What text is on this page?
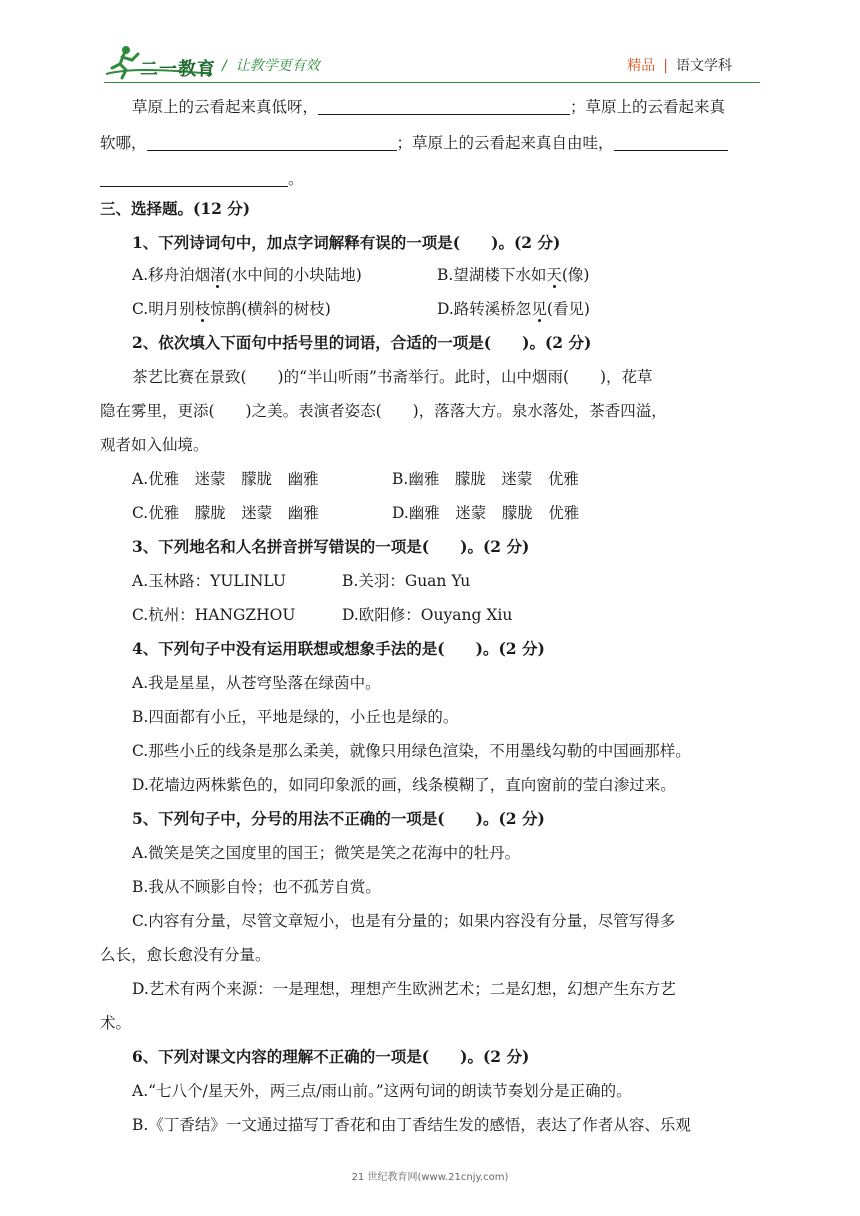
二一教育 / 让教学更有效	精品 | 语文学科
草原上的云看起来真低呀，	；草原上的云看起来真
软哪，	；草原上的云看起来真自由哇，
。
三、选择题。(12 分)
1、下列诗词句中，加点字词解释有误的一项是(　　)。(2 分)
A.移舟泊烟渚(水中间的小块陆地)	B.望湖楼下水如天(像)
C.明月别枝惊鹊(横斜的树枝)	D.路转溪桥忽见(看见)
2、依次填入下面句中括号里的词语，合适的一项是(　　)。(2 分)
茶艺比赛在景致(　　)的“半山听雨”书斋举行。此时，山中烟雨(　　)，花草
隐在雾里，更添(　　)之美。表演者姿态(　　)，落落大方。泉水落处，茶香四溢，
观者如入仙境。
A.优雅　迷蒙　朦胧　幽雅	B.幽雅　朦胧　迷蒙　优雅
C.优雅　朦胧　迷蒙　幽雅	D.幽雅　迷蒙　朦胧　优雅
3、下列地名和人名拼音拼写错误的一项是(　　)。(2 分)
A.玉林路：YULINLU	B.关羽：Guan Yu
C.杭州：HANGZHOU	D.欧阳修：Ouyang Xiu
4、下列句子中没有运用联想或想象手法的是(　　)。(2 分)
A.我是星星，从苍穹坠落在绿茵中。
B.四面都有小丘，平地是绿的，小丘也是绿的。
C.那些小丘的线条是那么柔美，就像只用绿色渲染，不用墨线勾勒的中国画那样。
D.花墙边两株紫色的，如同印象派的画，线条模糊了，直向窗前的莹白渗过来。
5、下列句子中，分号的用法不正确的一项是(　　)。(2 分)
A.微笑是笑之国度里的国王；微笑是笑之花海中的牡丹。
B.我从不顾影自怜；也不孤芳自赏。
C.内容有分量，尽管文章短小，也是有分量的；如果内容没有分量，尽管写得多
么长，愈长愈没有分量。
D.艺术有两个来源：一是理想，理想产生欧洲艺术；二是幻想，幻想产生东方艺
术。
6、下列对课文内容的理解不正确的一项是(　　)。(2 分)
A.“七八个/星天外，两三点/雨山前。”这两句词的朗读节奏划分是正确的。
B.《丁香结》一文通过描写丁香花和由丁香结生发的感悟，表达了作者从容、乐观
21 世纪教育网(www.21cnjy.com)
